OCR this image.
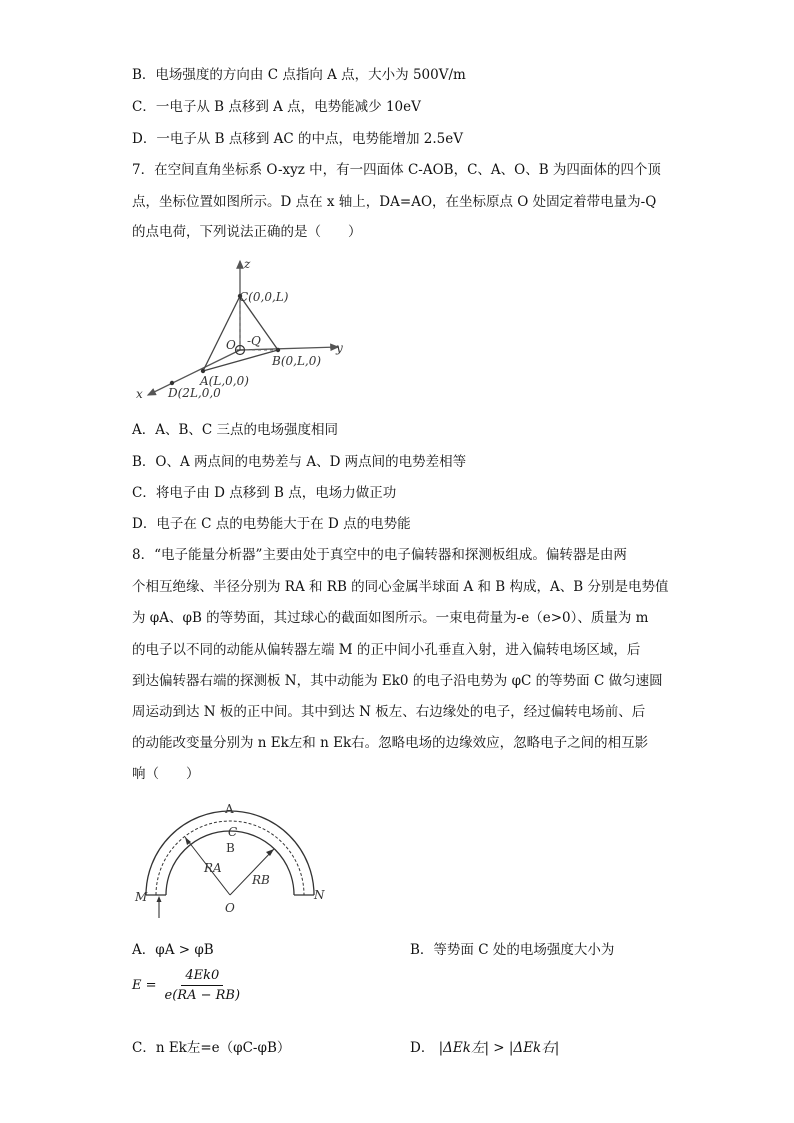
B．电场强度的方向由 C 点指向 A 点，大小为 500V/m
C．一电子从 B 点移到 A 点，电势能减少 10eV
D．一电子从 B 点移到 AC 的中点，电势能增加 2.5eV
7．在空间直角坐标系 O-xyz 中，有一四面体 C-AOB，C、A、O、B 为四面体的四个顶
点，坐标位置如图所示。D 点在 x 轴上，DA=AO，在坐标原点 O 处固定着带电量为-Q
的点电荷，下列说法正确的是（　　）
z
y
x
C(0,0,L)
O -Q
B(0,L,0)
A(L,0,0)
D(2L,0,0
A．A、B、C 三点的电场强度相同
B．O、A 两点间的电势差与 A、D 两点间的电势差相等
C．将电子由 D 点移到 B 点，电场力做正功
D．电子在 C 点的电势能大于在 D 点的电势能
8．“电子能量分析器”主要由处于真空中的电子偏转器和探测板组成。偏转器是由两
个相互绝缘、半径分别为 RA 和 RB 的同心金属半球面 A 和 B 构成，A、B 分别是电势值
为 φA、φB 的等势面，其过球心的截面如图所示。一束电荷量为-e（e>0）、质量为 m
的电子以不同的动能从偏转器左端 M 的正中间小孔垂直入射，进入偏转电场区域，后
到达偏转器右端的探测板 N，其中动能为 Ek0 的电子沿电势为 φC 的等势面 C 做匀速圆
周运动到达 N 板的正中间。其中到达 N 板左、右边缘处的电子，经过偏转电场前、后
的动能改变量分别为 n Ek左和 n Ek右。忽略电场的边缘效应，忽略电子之间的相互影
响（　　）
A
C
B
RA
RB
M	N
O
A．φA > φB	B．等势面 C 处的电场强度大小为
$E = \frac{4Ek0}{e(RA - RB)}$
C．n Ek左=e（φC-φB）	D． |ΔEk左| > |ΔEk右|
